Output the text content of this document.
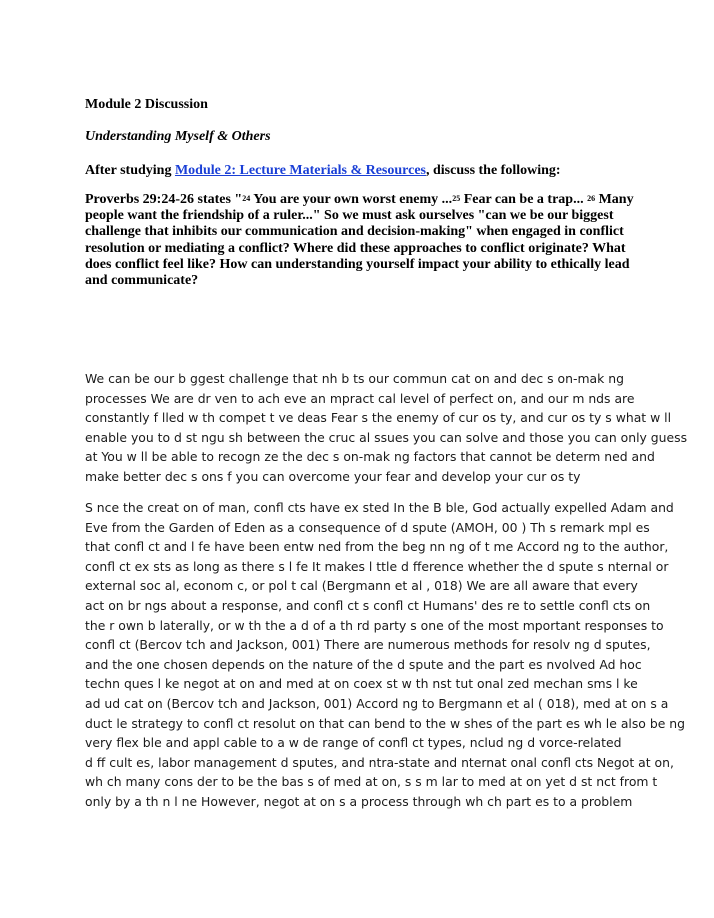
Module 2 Discussion

Understanding Myself & Others

After studying Module 2: Lecture Materials & Resources, discuss the following:

Proverbs 29:24-26 states "$^{24}$ You are your own worst enemy ...$^{25}$ Fear can be a trap... $^{26}$ Many
people want the friendship of a ruler..." So we must ask ourselves "can we be our biggest
challenge that inhibits our communication and decision-making" when engaged in conflict
resolution or mediating a conflict? Where did these approaches to conflict originate? What
does conflict feel like? How can understanding yourself impact your ability to ethically lead
and communicate?
We can be our b ggest challenge that nh b ts our commun cat on and dec s on-mak ng
processes We are dr ven to ach eve an mpract cal level of perfect on, and our m nds are
constantly f lled w th compet t ve deas Fear s the enemy of cur os ty, and cur os ty s what w ll
enable you to d st ngu sh between the cruc al ssues you can solve and those you can only guess
at You w ll be able to recogn ze the dec s on-mak ng factors that cannot be determ ned and
make better dec s ons f you can overcome your fear and develop your cur os ty
S nce the creat on of man, confl cts have ex sted In the B ble, God actually expelled Adam and
Eve from the Garden of Eden as a consequence of d spute (AMOH, 00 ) Th s remark mpl es
that confl ct and l fe have been entw ned from the beg nn ng of t me Accord ng to the author,
confl ct ex sts as long as there s l fe It makes l ttle d fference whether the d spute s nternal or
external soc al, econom c, or pol t cal (Bergmann et al , 018) We are all aware that every
act on br ngs about a response, and confl ct s confl ct Humans' des re to settle confl cts on
the r own b laterally, or w th the a d of a th rd party s one of the most mportant responses to
confl ct (Bercov tch and Jackson, 001) There are numerous methods for resolv ng d sputes,
and the one chosen depends on the nature of the d spute and the part es nvolved Ad hoc
techn ques l ke negot at on and med at on coex st w th nst tut onal zed mechan sms l ke
ad ud cat on (Bercov tch and Jackson, 001) Accord ng to Bergmann et al ( 018), med at on s a
duct le strategy to confl ct resolut on that can bend to the w shes of the part es wh le also be ng
very flex ble and appl cable to a w de range of confl ct types, nclud ng d vorce-related
d ff cult es, labor management d sputes, and ntra-state and nternat onal confl cts Negot at on,
wh ch many cons der to be the bas s of med at on, s s m lar to med at on yet d st nct from t
only by a th n l ne However, negot at on s a process through wh ch part es to a problem
